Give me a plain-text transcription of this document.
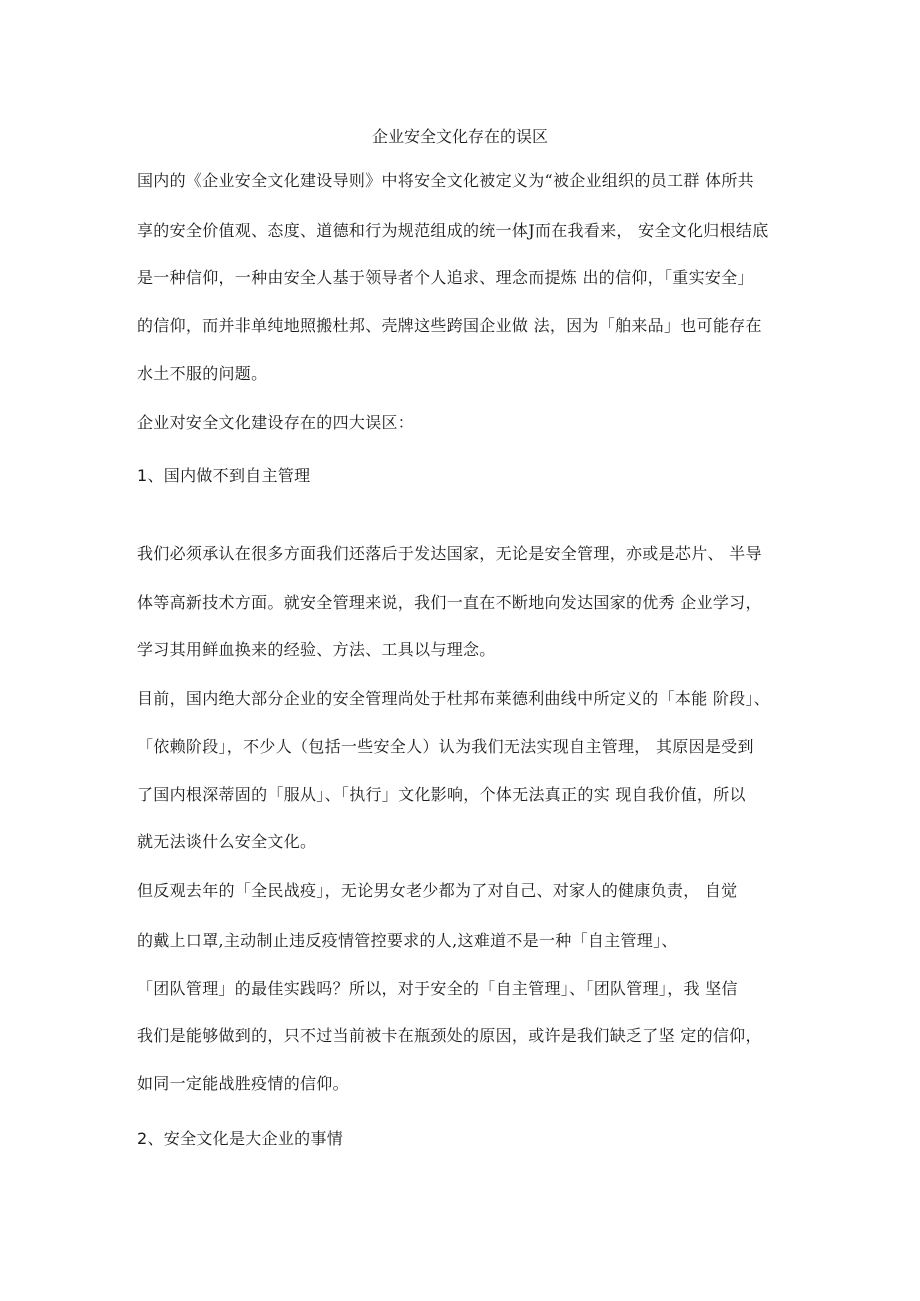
企业安全文化存在的误区
国内的《企业安全文化建设导则》中将安全文化被定义为“被企业组织的员工群 体所共
享的安全价值观、态度、道德和行为规范组成的统一体J而在我看来， 安全文化归根结底
是一种信仰，一种由安全人基于领导者个人追求、理念而提炼 出的信仰，「重实安全」
的信仰，而并非单纯地照搬杜邦、壳牌这些跨国企业做 法，因为「舶来品」也可能存在
水土不服的问题。
企业对安全文化建设存在的四大误区：
1、国内做不到自主管理
我们必须承认在很多方面我们还落后于发达国家，无论是安全管理，亦或是芯片、 半导
体等高新技术方面。就安全管理来说，我们一直在不断地向发达国家的优秀 企业学习，
学习其用鲜血换来的经验、方法、工具以与理念。
目前，国内绝大部分企业的安全管理尚处于杜邦布莱德利曲线中所定义的「本能 阶段」、
「依赖阶段」，不少人（包括一些安全人）认为我们无法实现自主管理， 其原因是受到
了国内根深蒂固的「服从」、「执行」文化影响，个体无法真正的实 现自我价值，所以
就无法谈什么安全文化。
但反观去年的「全民战疫」，无论男女老少都为了对自己、对家人的健康负责， 自觉
的戴上口罩,主动制止违反疫情管控要求的人,这难道不是一种「自主管理」、
「团队管理」的最佳实践吗？所以，对于安全的「自主管理」、「团队管理」，我 坚信
我们是能够做到的，只不过当前被卡在瓶颈处的原因，或许是我们缺乏了坚 定的信仰，
如同一定能战胜疫情的信仰。
2、安全文化是大企业的事情
